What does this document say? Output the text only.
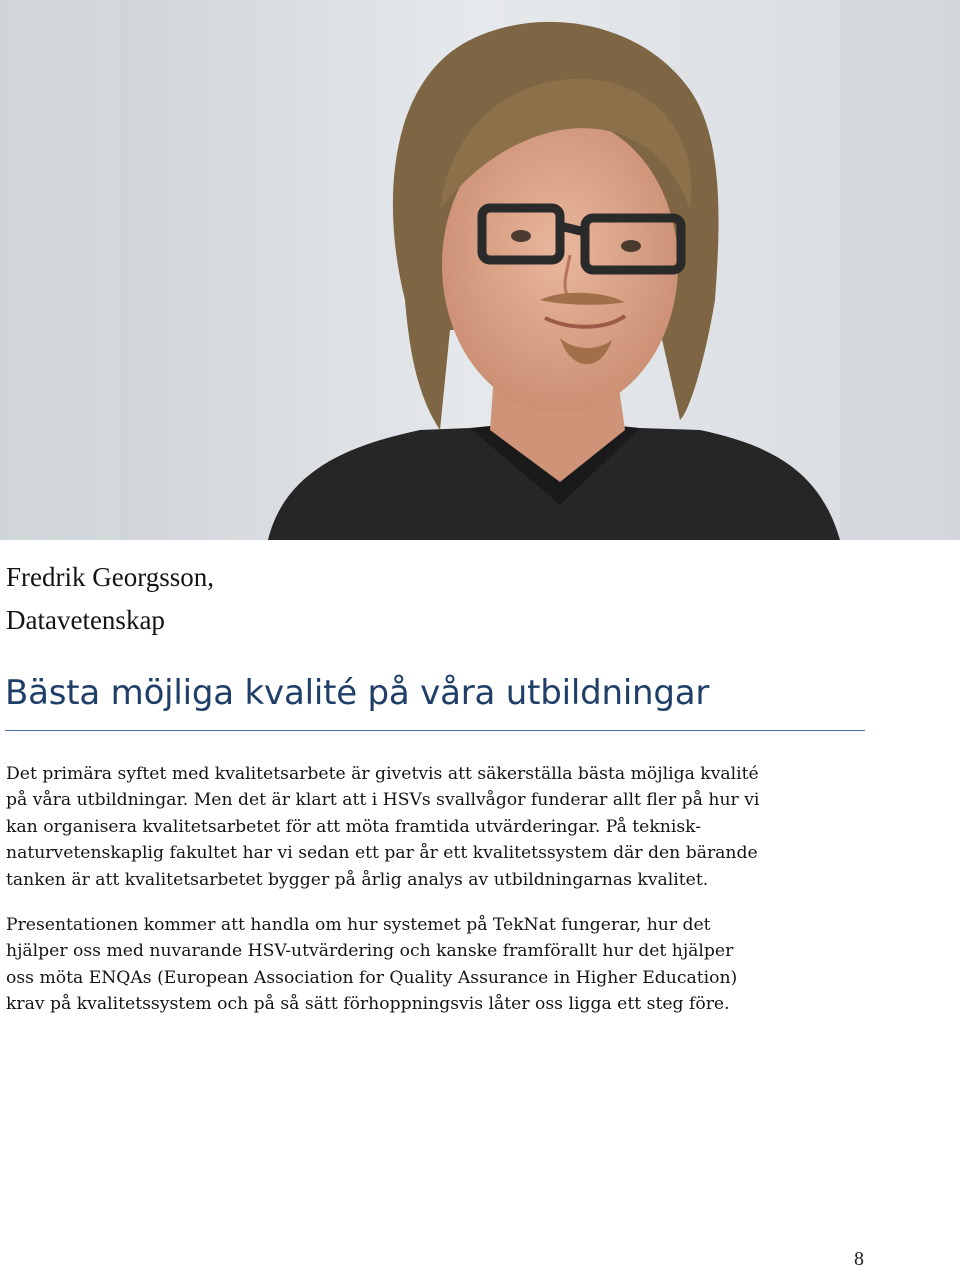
Fredrik Georgsson,
Datavetenskap
Bästa möjliga kvalité på våra utbildningar
Det primära syftet med kvalitetsarbete är givetvis att säkerställa bästa möjliga kvalité
på våra utbildningar. Men det är klart att i HSVs svallvågor funderar allt fler på hur vi
kan organisera kvalitetsarbetet för att möta framtida utvärderingar. På teknisk-
naturvetenskaplig fakultet har vi sedan ett par år ett kvalitetssystem där den bärande
tanken är att kvalitetsarbetet bygger på årlig analys av utbildningarnas kvalitet.
Presentationen kommer att handla om hur systemet på TekNat fungerar, hur det
hjälper oss med nuvarande HSV-utvärdering och kanske framförallt hur det hjälper
oss möta ENQAs (European Association for Quality Assurance in Higher Education)
krav på kvalitetssystem och på så sätt förhoppningsvis låter oss ligga ett steg före.
8
